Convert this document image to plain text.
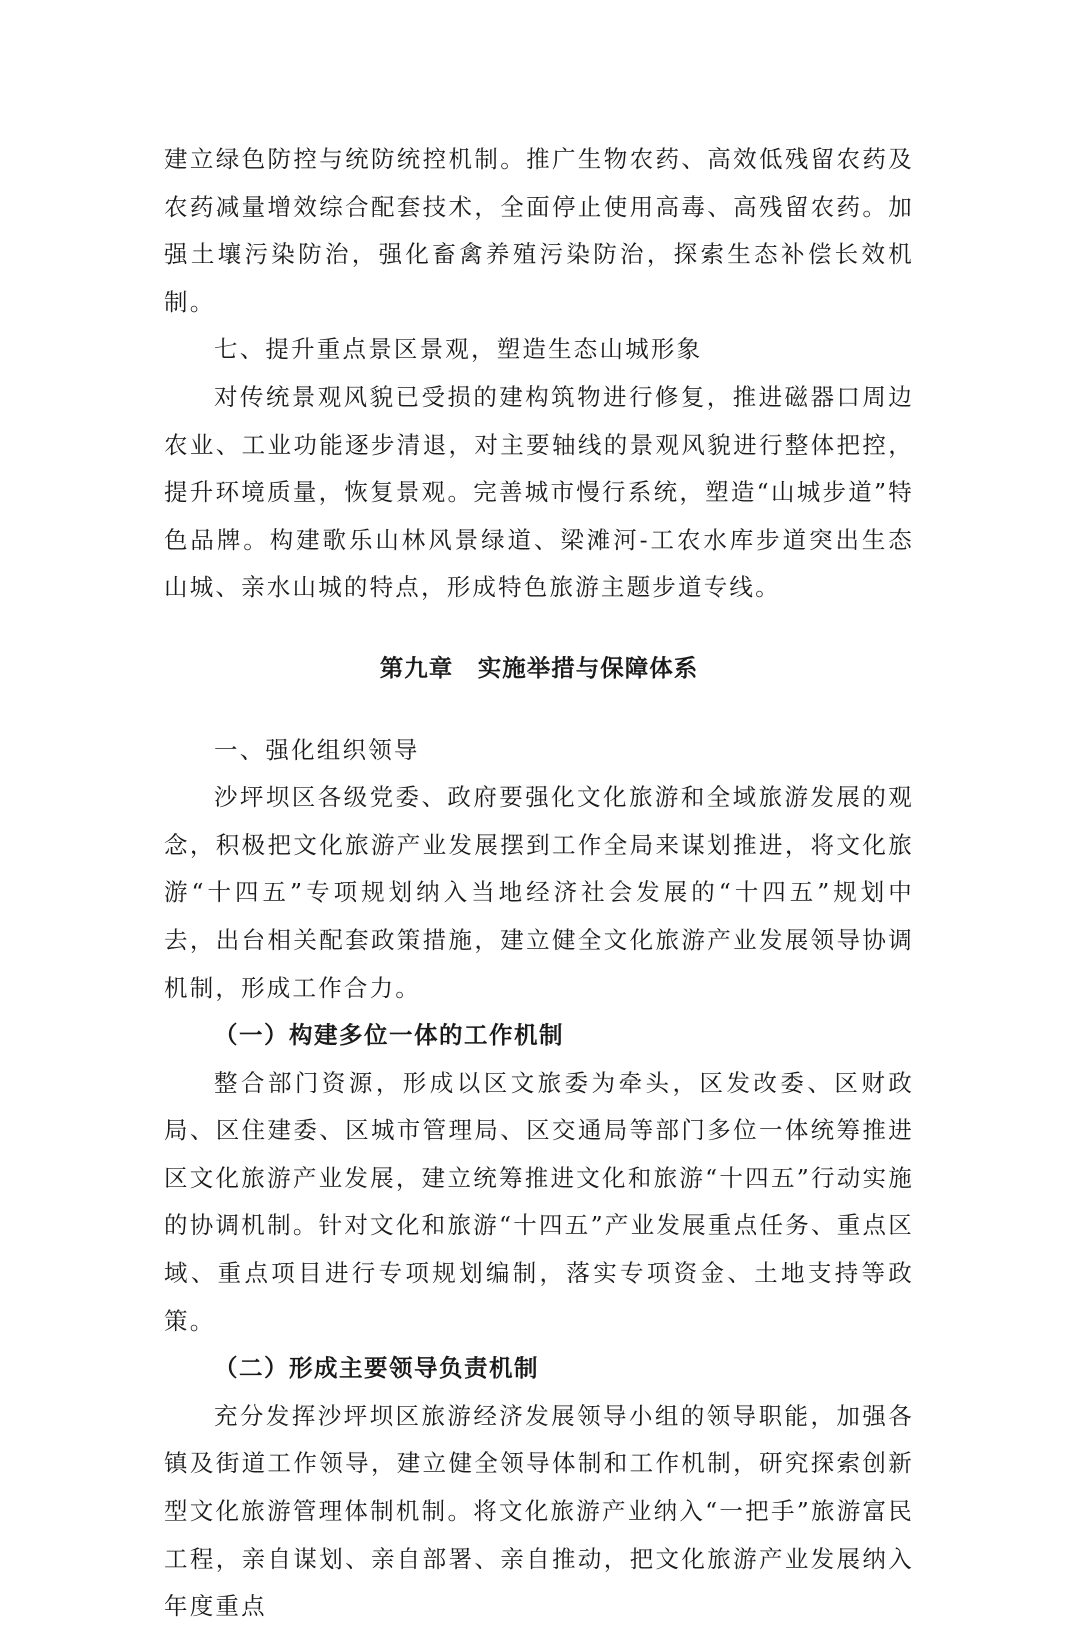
建立绿色防控与统防统控机制。推广生物农药、高效低残留农药及农药减量增效综合配套技术，全面停止使用高毒、高残留农药。加强土壤污染防治，强化畜禽养殖污染防治，探索生态补偿长效机制。

七、提升重点景区景观，塑造生态山城形象

对传统景观风貌已受损的建构筑物进行修复，推进磁器口周边农业、工业功能逐步清退，对主要轴线的景观风貌进行整体把控，提升环境质量，恢复景观。完善城市慢行系统，塑造“山城步道”特色品牌。构建歌乐山林风景绿道、梁滩河-工农水库步道突出生态山城、亲水山城的特点，形成特色旅游主题步道专线。

第九章　实施举措与保障体系

一、强化组织领导

沙坪坝区各级党委、政府要强化文化旅游和全域旅游发展的观念，积极把文化旅游产业发展摆到工作全局来谋划推进，将文化旅游“十四五”专项规划纳入当地经济社会发展的“十四五”规划中去，出台相关配套政策措施，建立健全文化旅游产业发展领导协调机制，形成工作合力。

（一）构建多位一体的工作机制

整合部门资源，形成以区文旅委为牵头，区发改委、区财政局、区住建委、区城市管理局、区交通局等部门多位一体统筹推进区文化旅游产业发展，建立统筹推进文化和旅游“十四五”行动实施的协调机制。针对文化和旅游“十四五”产业发展重点任务、重点区域、重点项目进行专项规划编制，落实专项资金、土地支持等政策。

（二）形成主要领导负责机制

充分发挥沙坪坝区旅游经济发展领导小组的领导职能，加强各镇及街道工作领导，建立健全领导体制和工作机制，研究探索创新型文化旅游管理体制机制。将文化旅游产业纳入“一把手”旅游富民工程，亲自谋划、亲自部署、亲自推动，把文化旅游产业发展纳入年度重点
